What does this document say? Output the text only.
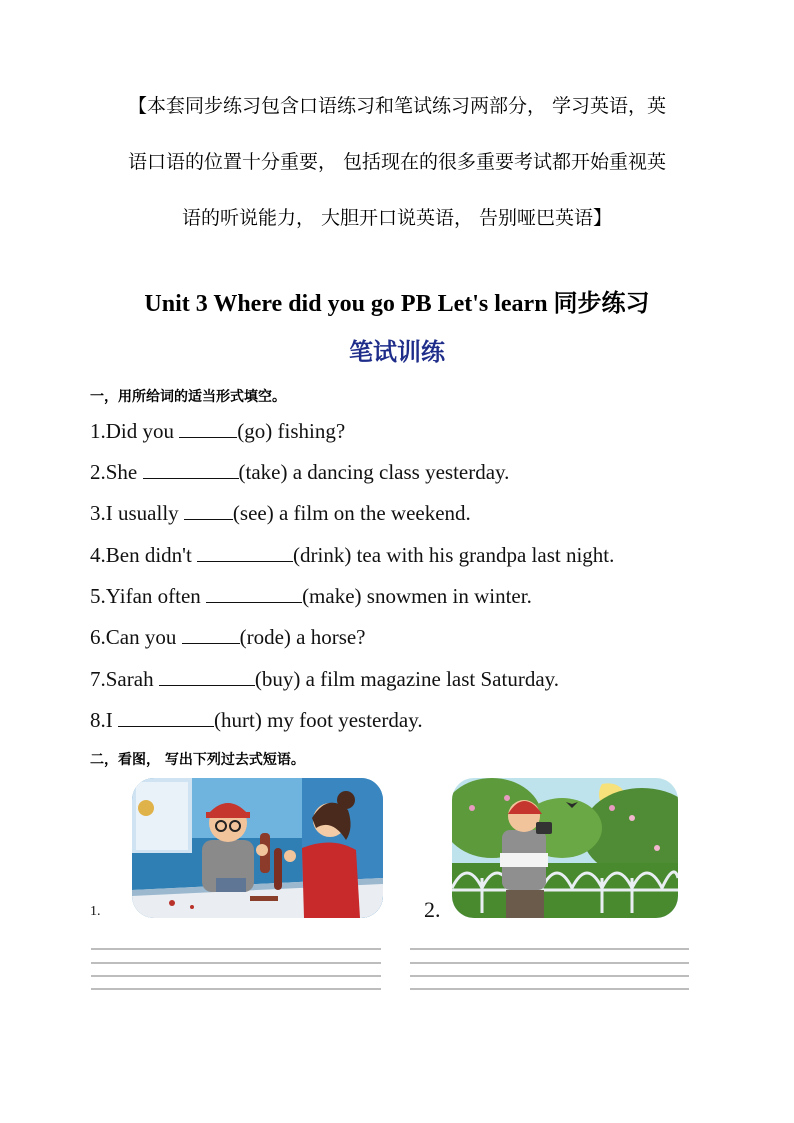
【本套同步练习包含口语练习和笔试练习两部分， 学习英语，英

语口语的位置十分重要， 包括现在的很多重要考试都开始重视英

语的听说能力， 大胆开口说英语， 告别哑巴英语】

Unit 3 Where did you go PB Let's learn 同步练习
笔试训练
一，用所给词的适当形式填空。
1.Did you	(go) fishing?
2.She	(take) a dancing class yesterday.
3.I usually (see) a film on the weekend.
4.Ben didn't	(drink) tea with his grandpa last night.
5.Yifan often	(make) snowmen in winter.
6.Can you	(rode) a horse?
7.Sarah	(buy) a film magazine last Saturday.
8.I	(hurt) my foot yesterday.
二，看图， 写出下列过去式短语。
1.	2.
